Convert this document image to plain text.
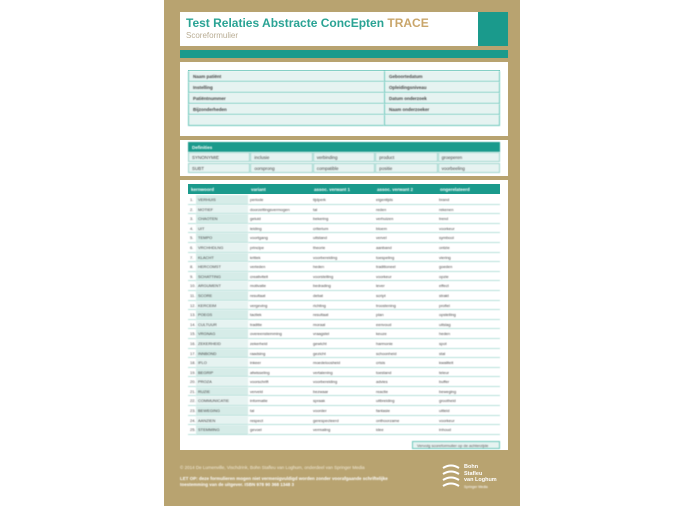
Test Relaties Abstracte ConcEpten TRACE
Scoreformulier
Naam patiënt	Geboortedatum
Instelling	Opleidingsniveau
Patiëntnummer	Datum onderzoek
Bijzonderheden	Naam onderzoeker
Definities
SYNONYMIE	inclusie	verbinding	product	groeperen
SUBT	oorsprong	compatible	positie	voorbeeling
kernwoord	variant	assoc. verwant 1	assoc. verwant 2	ongerelateerd
1.	VERHUIS	periode	tijdperk	eigentijds	brand
2.	MOTIEF	doorzettingsvermogen	tal	reden	rekenen
3.	CHAOTEN	geluid	bekering	verhuizen	trend
4.	UIT	leiding	criterium	bloem	voorkeur
5.	TEMPO	voortgang	uitstand	vervel	symbool
6.	VRCHHDLNG	principe	theorie	aanband	ontzie
7.	KLACHT	kritiek	voorbereiding	toespeling	viering
8.	HERCOMST	verleden	heden	traditioneel	goeden
9.	SCHATTING	creativiteit	voorstelling	voorkeur	opzie
10. ARGUMENT	motivatie	bedrading	lever	effect
11. SCORE	resultaat	debat	script	strakt
12. KERCEIM	vergeving	richting	troostening	profiel
13. POEGS	tactiek	resultaat	plan	opstelling
14. CULTUUR	traditie	moraal	eenvoud	uitslag
15. VRGNAG	overeenstemming	vraagstel	keuze	heden
16. ZEKERHEID	zekerheid	gewicht	harmonie	spot
17. INNBOND	raadsing	gezicht	schoonheid	stal
18. IFLO	inkeer	moedeloosheid	crisis	kwaliteit
19. BEGRIP	afwisseling	vertalening	toestand	teleur
20. PROZA	voorschrift	voorbereiding	advies	buffer
21. RUZIE	verveld	bezwaar	reactie	beweging
22. COMMUNICATIE	informatie	spraak	uitbreiding	grootheid
23. BEWEGING	tal	voorder	fantasie	uitleid
24. AANZIEN	respect	gerespecteerd	onthoorzame	voorkeur
25. STEMMING	gevoel	vermaling	idee	inhoud
Vervolg scoreformulier op de achterzijde
© 2014 De Lumenville, Vischdrink, Bohn Stafleu van Loghum, onderdeel van Springer Media
LET OP: deze formulieren mogen niet vermenigvuldigd worden zonder voorafgaande schriftelijke toestemming van de uitgever. ISBN 978 90 368 1348 3
Bohn
Stafleu
van Loghum
Springer Media
